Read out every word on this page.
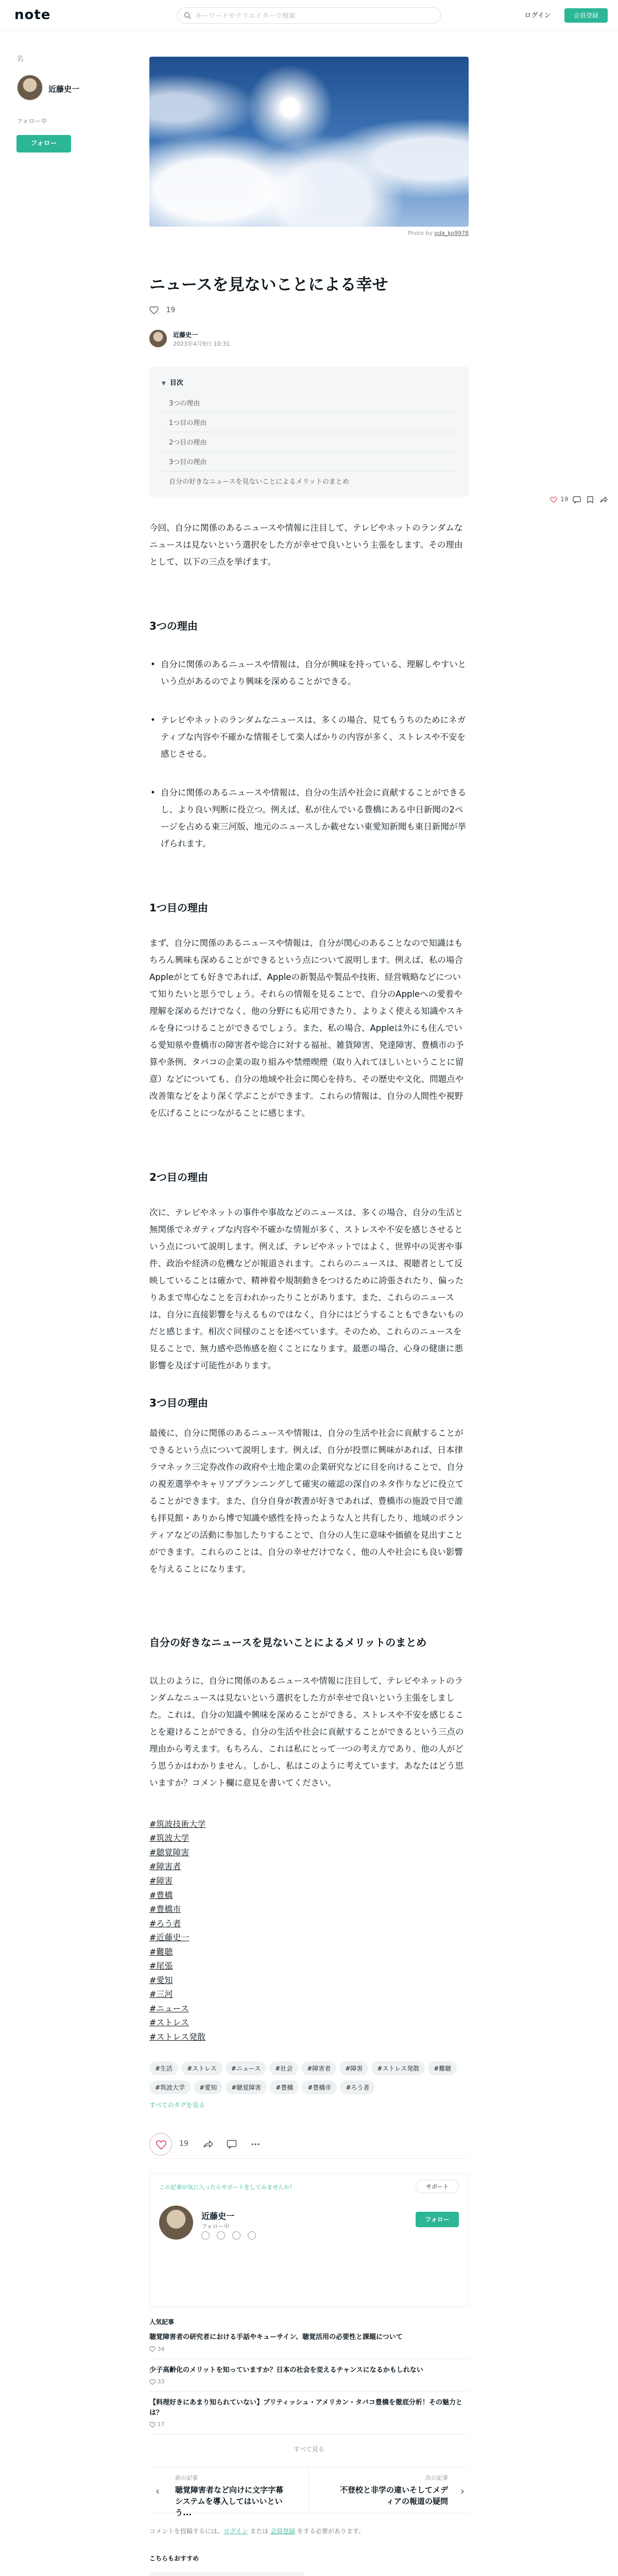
note
キーワードやクリエイターで検索	ログイン	会員登録
名
近藤史一
フォロー中
フォロー
19
Photo by oda_ko9978
ニュースを見ないことによる幸せ
19
近藤史一
2023年4月9日 10:31
▼ 目次
3つの理由
1つ目の理由
2つ目の理由
3つ目の理由
自分の好きなニュースを見ないことによるメリットのまとめ

今回、自分に関係のあるニュースや情報に注目して、テレビやネットのランダムなニュースは見ないという選択をした方が幸せで良いという主張をします。その理由として、以下の三点を挙げます。

3つの理由
• 自分に関係のあるニュースや情報は、自分が興味を持っている、理解しやすいという点があるのでより興味を深めることができる。
• テレビやネットのランダムなニュースは、多くの場合、見てもうちのためにネガティブな内容や不確かな情報そして楽人ばかりの内容が多く、ストレスや不安を感じさせる。
• 自分に関係のあるニュースや情報は、自分の生活や社会に貢献することができるし、より良い判断に役立つ。例えば、私が住んでいる豊橋にある中日新聞の2ページを占める東三河版、地元のニュースしか載せない東愛知新聞も東日新聞が挙げられます。
1つ目の理由

まず、自分に関係のあるニュースや情報は、自分が関心のあることなので知識はもちろん興味も深めることができるという点について説明します。例えば、私の場合Appleがとても好きであれば、Appleの新製品や製品や技術、経営戦略などについて知りたいと思うでしょう。それらの情報を見ることで、自分のAppleへの愛着や理解を深めるだけでなく、他の分野にも応用できたり、よりよく使える知識やスキルを身につけることができるでしょう。また、私の場合、Appleは外にも住んでいる愛知県や豊橋市の障害者や総合に対する福祉、雑貨障害、発達障害、豊橋市の予算や条例、タバコの企業の取り組みや禁煙喫煙（取り入れてほしいということに留意）などについても、自分の地域や社会に関心を持ち、その歴史や文化、問題点や改善策などをより深く学ぶことができます。これらの情報は、自分の人間性や視野を広げることにつながることに感じます。

2つ目の理由

次に、テレビやネットの事件や事故などのニュースは、多くの場合、自分の生活と無関係でネガティブな内容や不確かな情報が多く、ストレスや不安を感じさせるという点について説明します。例えば、テレビやネットではよく、世界中の災害や事件、政治や経済の危機などが報道されます。これらのニュースは、視聴者として反映していることは確かで、精神着や規制動きをつけるために誇張されたり、偏ったりあまで卑心なことを言われかったりことがあります。また、これらのニュースは、自分に直接影響を与えるものではなく、自分にはどうすることもできないものだと感じます。相次ぐ同様のことを述べています。そのため、これらのニュースを見ることで、無力感や恐怖感を抱くことになります。最悪の場合、心身の健康に悪影響を及ぼす可能性があります。

3つ目の理由

最後に、自分に関係のあるニュースや情報は、自分の生活や社会に貢献することができるという点について説明します。例えば、自分が投票に興味があれば、日本律ラマネック三定券改作の政府や土地企業の企業研究などに目を向けることで、自分の視差選挙やキャリアプランニングして確実の確認の深自のネタ作りなどに役立てることができます。また、自分自身が教書が好きであれば、豊橋市の施設で目で誰も拝見館・ありから博で知識や感性を持ったような人と共有したり、地域のボランティアなどの活動に参加したりすることで、自分の人生に意味や価値を見出すことができます。これらのことは、自分の幸せだけでなく、他の人や社会にも良い影響を与えることになります。

自分の好きなニュースを見ないことによるメリットのまとめ

以上のように、自分に関係のあるニュースや情報に注目して、テレビやネットのランダムなニュースは見ないという選択をした方が幸せで良いという主張をしました。これは、自分の知識や興味を深めることができる、ストレスや不安を感じることを避けることができる、自分の生活や社会に貢献することができるという三点の理由から考えます。もちろん、これは私にとって一つの考え方であり、他の人がどう思うかはわかりません。しかし、私はこのように考えています。あなたはどう思いますか？コメント欄に意見を書いてください。

#筑波技術大学
#筑波大学
#聴覚障害
#障害者
#障害
#豊橋
#豊橋市
#ろう者
#近藤史一
#難聴
#尾張
#愛知
#三河
#ニュース
#ストレス
#ストレス発散
#生活 #ストレス #ニュース #社会 #障害者 #障害 #ストレス発散 #難聴#筑波大学 #愛知 #聴覚障害 #豊橋 #豊橋市 #ろう者
すべてのタグを見る
19
この記事が気に入ったらサポートをしてみませんか？	サポート
近藤史一
フォロー中
フォロー
人気記事
聴覚障害者の研究者における手話やキューサイン、聴覚活用の必要性と課題について
34
少子高齢化のメリットを知っていますか？日本の社会を変えるチャンスになるかもしれない
33
【料理好きにあまり知られていない】ブリティッシュ・アメリカン・タバコ豊橋を徹底分析！その魅力とは？
17
すべて見る
‹
前の記事
聴覚障害者など向けに文字字幕システムを導入してはいいという...
›
次の記事
不登校と非学の違いそしてメディアの報道の疑問
コメントを投稿するには、ログイン または 会員登録 をする必要があります。
こちらもおすすめ
